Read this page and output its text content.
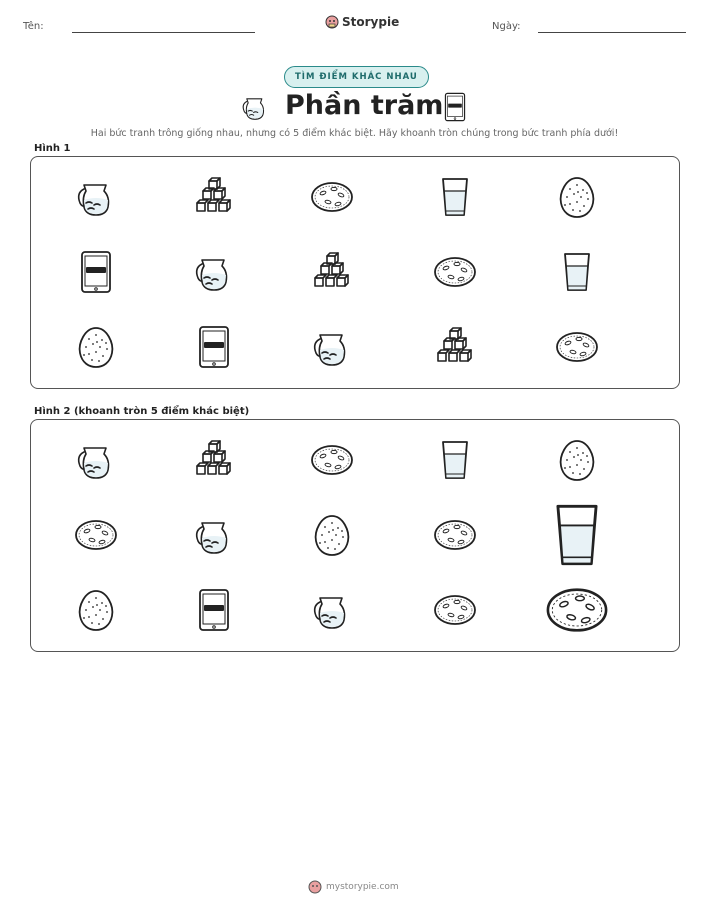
Tên:	Storypie	Ngày:
TÌM ĐIỂM KHÁC NHAU
Phần trăm
Hai bức tranh trông giống nhau, nhưng có 5 điểm khác biệt. Hãy khoanh tròn chúng trong bức tranh phía dưới!
Hình 1
Hình 2 (khoanh tròn 5 điểm khác biệt)
mystorypie.com
